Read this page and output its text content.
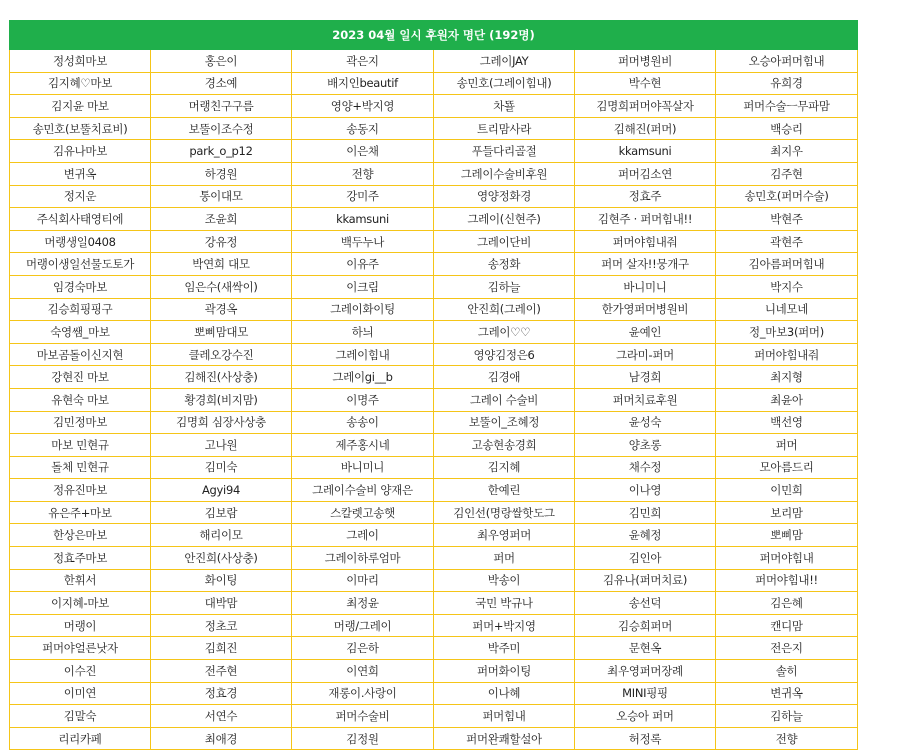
2023 04월 일시 후원자 명단 (192명)					
정성희마보	홍은이	곽은지	그레이JAY	퍼머병원비	오승아퍼머힘내
김지혜♡마보	경소예	배지인beautif	송민호(그레이힘내)	박수현	유희경
김지윤 마보	머랭친구구름	영양+박지영	차뚈	김명희퍼머야꼭살자	퍼머수술ㅡ무파맘
송민호(보뚤치료비)	보뚤이조수정	송동지	트리맘사라	김해진(퍼머)	백승리
김유나마보	park_o_p12	이은채	푸들다리골절	kkamsuni	최지우
변귀옥	하경원	전향	그레이수술비후원	퍼머김소연	김주현
정지운	통이대모	강미주	영양정화경	정효주	송민호(퍼머수술)
주식회사태영티에	조윤희	kkamsuni	그레이(신현주)	김현주 · 퍼머힘내!!	박현주
머랭생일0408	강유정	백두누나	그레이단비	퍼머야힘내줘	곽현주
머랭이생일선물도토가	박연희 대모	이유주	송정화	퍼머 살자!!뭉개구	김아름퍼머힘내
임경숙마보	임은수(새싹이)	이크림	김하늘	바니미니	박지수
김승희핑핑구	곽경옥	그레이화이팅	안진희(그레이)	한가영퍼머병원비	니네모네
숙영쌤_마보	뽀삐맘대모	하늬	그레이♡♡	윤예인	정_마보3(퍼머)
마보곰돌이신지현	클레오강수진	그레이힘내	영양김정은6	그라미-퍼머	퍼머야힘내줘
강현진 마보	김해진(사상충)	그레이gi__b	김경애	남경희	최지형
유현숙 마보	황경희(비지맘)	이명주	그레이 수술비	퍼머치료후원	최윤아
김민정마보	김명희 심장사상충	송송이	보뚤이_조혜정	윤성숙	백선영
마보 민현규	고나원	제주홍시네	고송현송경희	양초롱	퍼머
돌체 민현규	김미숙	바니미니	김지혜	채수정	모아름드리
정유진마보	Agyi94	그레이수술비 양재은	한예린	이나영	이민희
유은주+마보	김보람	스칼렛고송햇	김인선(명랑쌀핫도그	김민희	보리맘
한상은마보	해리이모	그레이	최우영퍼머	윤혜정	뽀삐맘
정효주마보	안진희(사상충)	그레이하루엄마	퍼머	김인아	퍼머야힘내
한휘서	화이팅	이마리	박송이	김유나(퍼머치료)	퍼머야힘내!!
이지혜-마보	대박맘	최정윤	국민 박규나	송선덕	김은혜
머랭이	정초코	머랭/그레이	퍼머+박지영	김승희퍼머	캔디맘
퍼머야얼른낫자	김희진	김은하	박주미	문현옥	전은지
이수진	전주현	이연희	퍼머화이팅	최우영퍼머장례	솔히
이미연	정효경	재롱이.사랑이	이나혜	MINI핑핑	변귀옥
김말숙	서연수	퍼머수술비	퍼머힘내	오승아 퍼머	김하늘
리리카페	최애경	김정원	퍼머완쾌할설아	허정록	전향
